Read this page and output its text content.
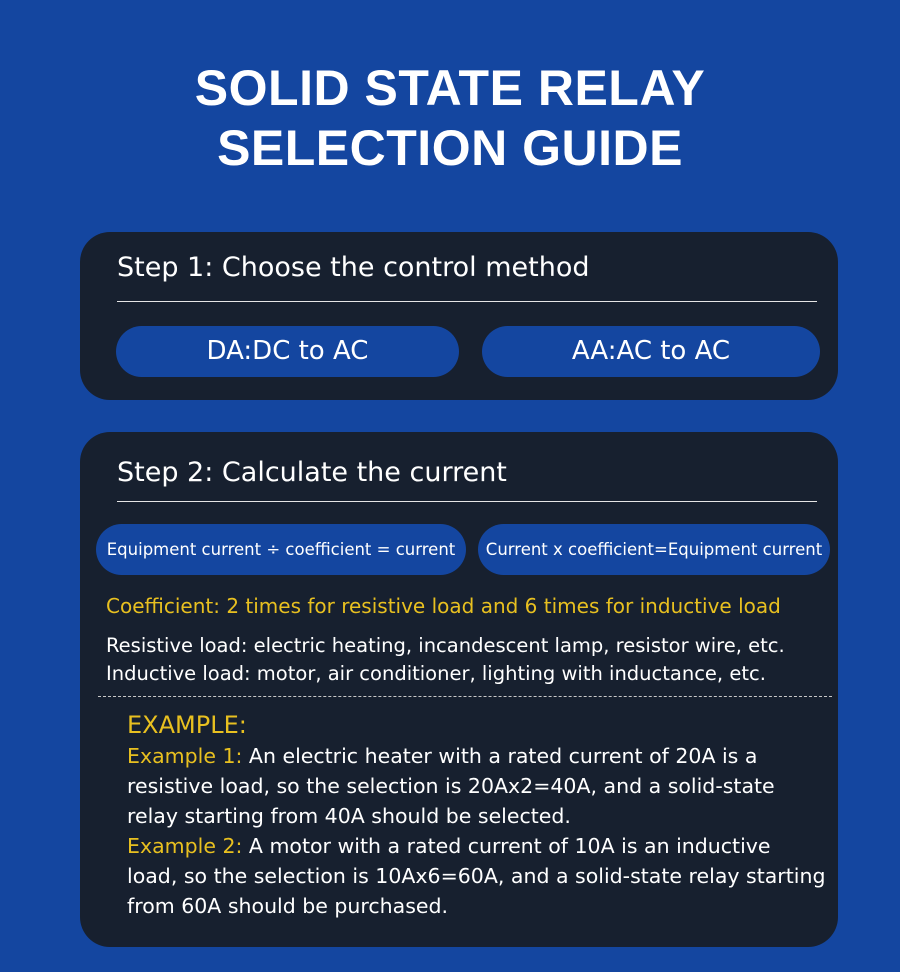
SOLID STATE RELAY
SELECTION GUIDE
Step 1: Choose the control method
DA:DC to AC	AA:AC to AC
Step 2: Calculate the current
Equipment current ÷ coefficient = current	Current x coefficient=Equipment current
Coefficient: 2 times for resistive load and 6 times for inductive load
Resistive load: electric heating, incandescent lamp, resistor wire, etc.
Inductive load: motor, air conditioner, lighting with inductance, etc.
EXAMPLE:
Example 1: An electric heater with a rated current of 20A is a resistive load, so the selection is 20Ax2=40A, and a solid-state relay starting from 40A should be selected.
Example 2: A motor with a rated current of 10A is an inductive load, so the selection is 10Ax6=60A, and a solid-state relay starting from 60A should be purchased.
